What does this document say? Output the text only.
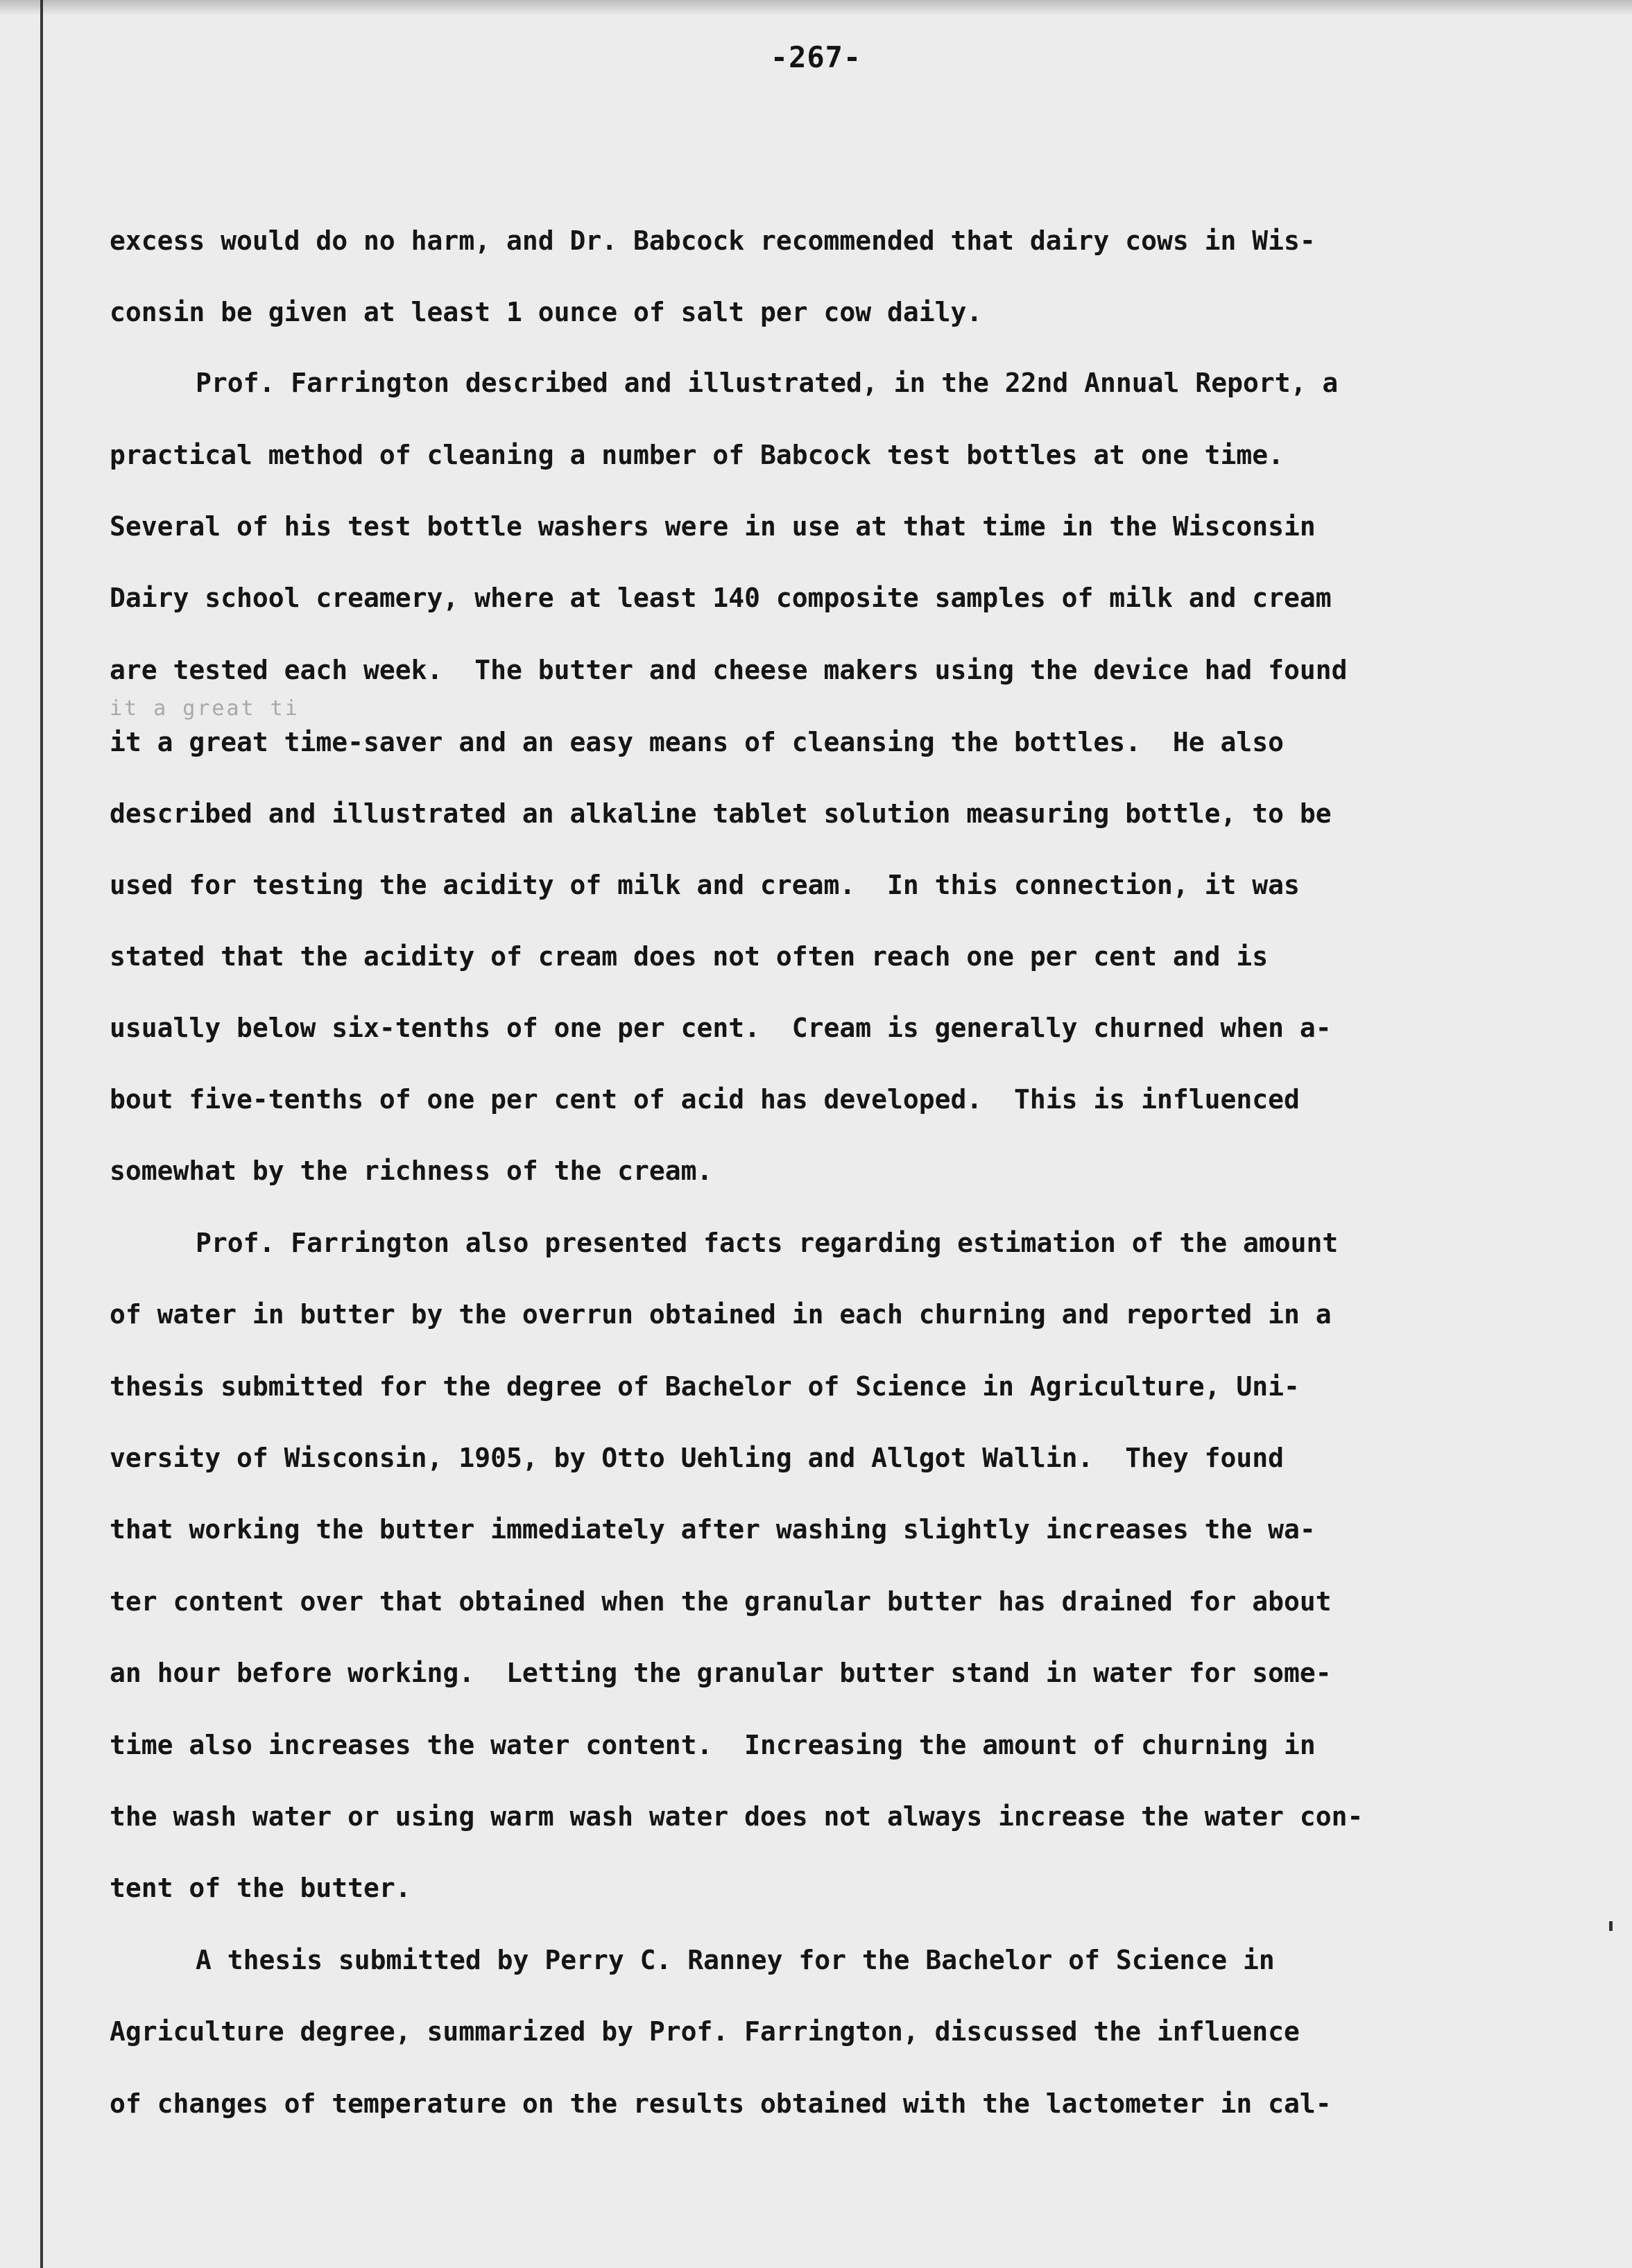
-267-
excess would do no harm, and Dr. Babcock recommended that dairy cows in Wis-
consin be given at least 1 ounce of salt per cow daily.
Prof. Farrington described and illustrated, in the 22nd Annual Report, a
practical method of cleaning a number of Babcock test bottles at one time.
Several of his test bottle washers were in use at that time in the Wisconsin
Dairy school creamery, where at least 140 composite samples of milk and cream
are tested each week.  The butter and cheese makers using the device had found
it a great ti
it a great time-saver and an easy means of cleansing the bottles.  He also
described and illustrated an alkaline tablet solution measuring bottle, to be
used for testing the acidity of milk and cream.  In this connection, it was
stated that the acidity of cream does not often reach one per cent and is
usually below six-tenths of one per cent.  Cream is generally churned when a-
bout five-tenths of one per cent of acid has developed.  This is influenced
somewhat by the richness of the cream.
Prof. Farrington also presented facts regarding estimation of the amount
of water in butter by the overrun obtained in each churning and reported in a
thesis submitted for the degree of Bachelor of Science in Agriculture, Uni-
versity of Wisconsin, 1905, by Otto Uehling and Allgot Wallin.  They found
that working the butter immediately after washing slightly increases the wa-
ter content over that obtained when the granular butter has drained for about
an hour before working.  Letting the granular butter stand in water for some-
time also increases the water content.  Increasing the amount of churning in
the wash water or using warm wash water does not always increase the water con-
tent of the butter.
A thesis submitted by Perry C. Ranney for the Bachelor of Science in
Agriculture degree, summarized by Prof. Farrington, discussed the influence
of changes of temperature on the results obtained with the lactometer in cal-
